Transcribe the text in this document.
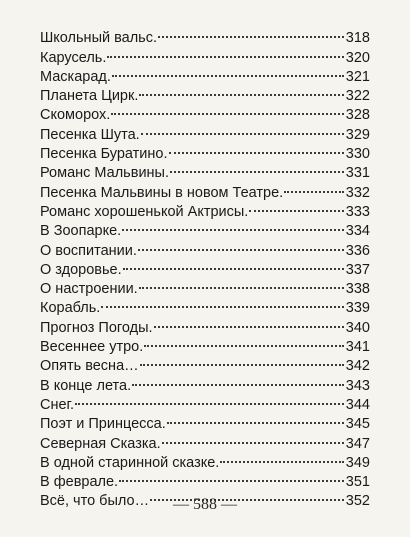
Школьный вальс.	318
Карусель.	320
Маскарад.	321
Планета Цирк.	322
Скоморох.	328
Песенка Шута.	329
Песенка Буратино.	330
Романс Мальвины.	331
Песенка Мальвины в новом Театре.	332
Романс хорошенькой Актрисы.	333
В Зоопарке.	334
О воспитании.	336
О здоровье.	337
О настроении.	338
Корабль.	339
Прогноз Погоды.	340
Весеннее утро.	341
Опять весна…	342
В конце лета.	343
Снег.	344
Поэт и Принцесса.	345
Северная Сказка.	347
В одной старинной сказке.	349
В феврале.	351
Всё, что было…	352
— 588 —
